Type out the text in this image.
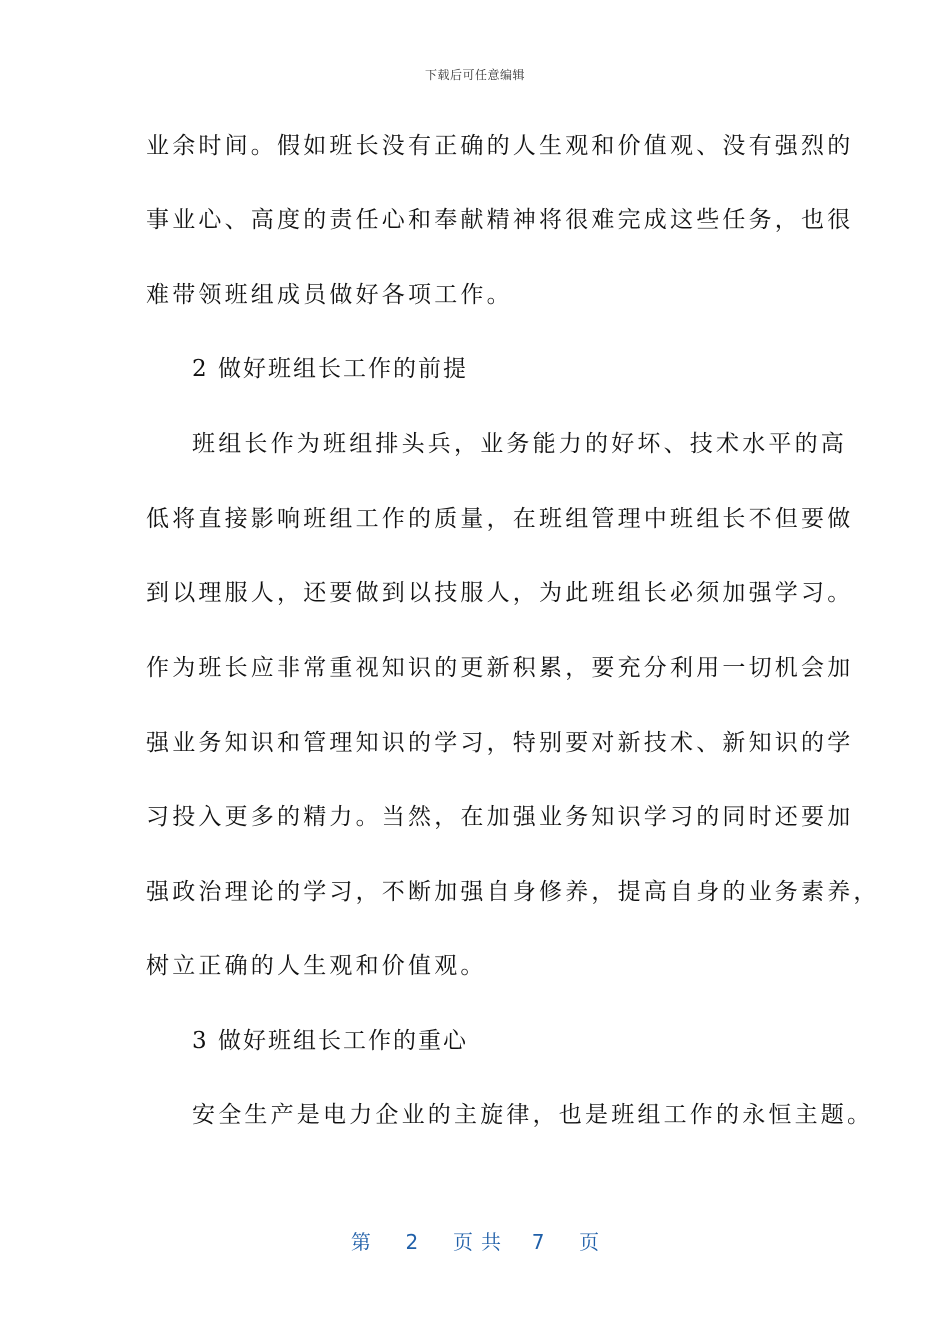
下载后可任意编辑
业余时间。假如班长没有正确的人生观和价值观、没有强烈的
事业心、高度的责任心和奉献精神将很难完成这些任务，也很
难带领班组成员做好各项工作。
2 做好班组长工作的前提
班组长作为班组排头兵，业务能力的好坏、技术水平的高
低将直接影响班组工作的质量，在班组管理中班组长不但要做
到以理服人，还要做到以技服人，为此班组长必须加强学习。
作为班长应非常重视知识的更新积累，要充分利用一切机会加
强业务知识和管理知识的学习，特别要对新技术、新知识的学
习投入更多的精力。当然，在加强业务知识学习的同时还要加
强政治理论的学习，不断加强自身修养，提高自身的业务素养，
树立正确的人生观和价值观。
3 做好班组长工作的重心
安全生产是电力企业的主旋律，也是班组工作的永恒主题。
第 2 页共 7 页
